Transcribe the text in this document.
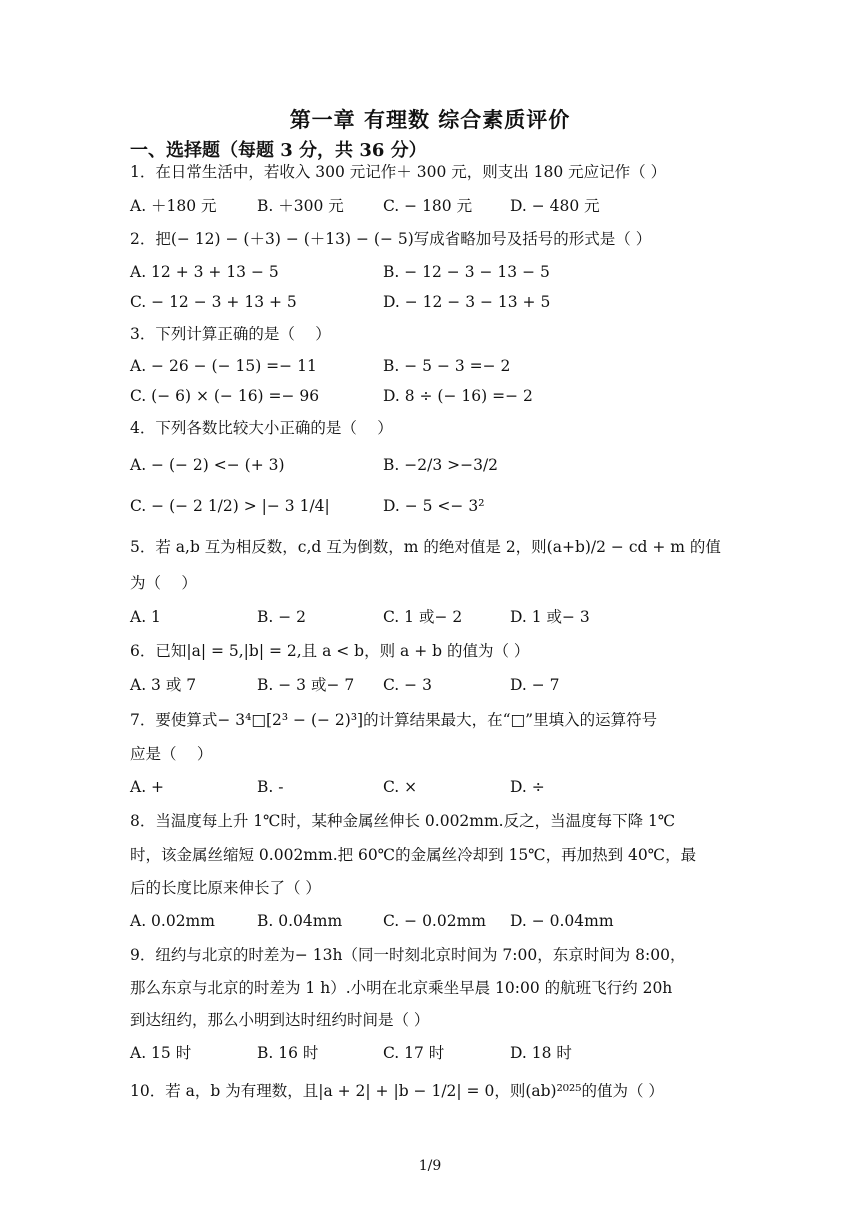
第一章 有理数 综合素质评价
一、选择题（每题 3 分，共 36 分）
1．在日常生活中，若收入 300 元记作＋ 300 元，则支出 180 元应记作（ ）
A. ＋180 元	B. ＋300 元	C. − 180 元 D. − 480 元
2．把(− 12) − (＋3) − (＋13) − (− 5)写成省略加号及括号的形式是（ ）
A. 12 + 3 + 13 − 5	B. − 12 − 3 − 13 − 5
C. − 12 − 3 + 13 + 5	D. − 12 − 3 − 13 + 5
3．下列计算正确的是（　 ）
A. − 26 − (− 15) =− 11	B. − 5 − 3 =− 2
C. (− 6) × (− 16) =− 96	D. 8 ÷ (− 16) =− 2
4．下列各数比较大小正确的是（　 ）
A. − (− 2) <− (+ 3)	B. −2/3 >−3/2
C. − (− 2 1/2) > |− 3 1/4|	D. − 5 <− 3²
5．若 a,b 互为相反数，c,d 互为倒数，m 的绝对值是 2，则(a+b)/2 − cd + m 的值
为（　 ）
A. 1	B. − 2	C. 1 或− 2	D. 1 或− 3
6．已知|a| = 5,|b| = 2,且 a < b，则 a + b 的值为（ ）
A. 3 或 7	B. − 3 或− 7 C. − 3	D. − 7
7．要使算式− 3⁴□[2³ − (− 2)³]的计算结果最大，在“□”里填入的运算符号
应是（　 ）
A. +	B. -	C. ×	D. ÷
8．当温度每上升 1℃时，某种金属丝伸长 0.002mm.反之，当温度每下降 1℃
时，该金属丝缩短 0.002mm.把 60℃的金属丝冷却到 15℃，再加热到 40℃，最
后的长度比原来伸长了（ ）
A. 0.02mm	B. 0.04mm	C. − 0.02mm D. − 0.04mm
9．纽约与北京的时差为− 13h（同一时刻北京时间为 7:00，东京时间为 8:00，
那么东京与北京的时差为 1 h）.小明在北京乘坐早晨 10:00 的航班飞行约 20h
到达纽约，那么小明到达时纽约时间是（ ）
A. 15 时	B. 16 时	C. 17 时	D. 18 时
10．若 a，b 为有理数，且|a + 2| + |b − 1/2| = 0，则(ab)²⁰²⁵的值为（ ）
1/9
